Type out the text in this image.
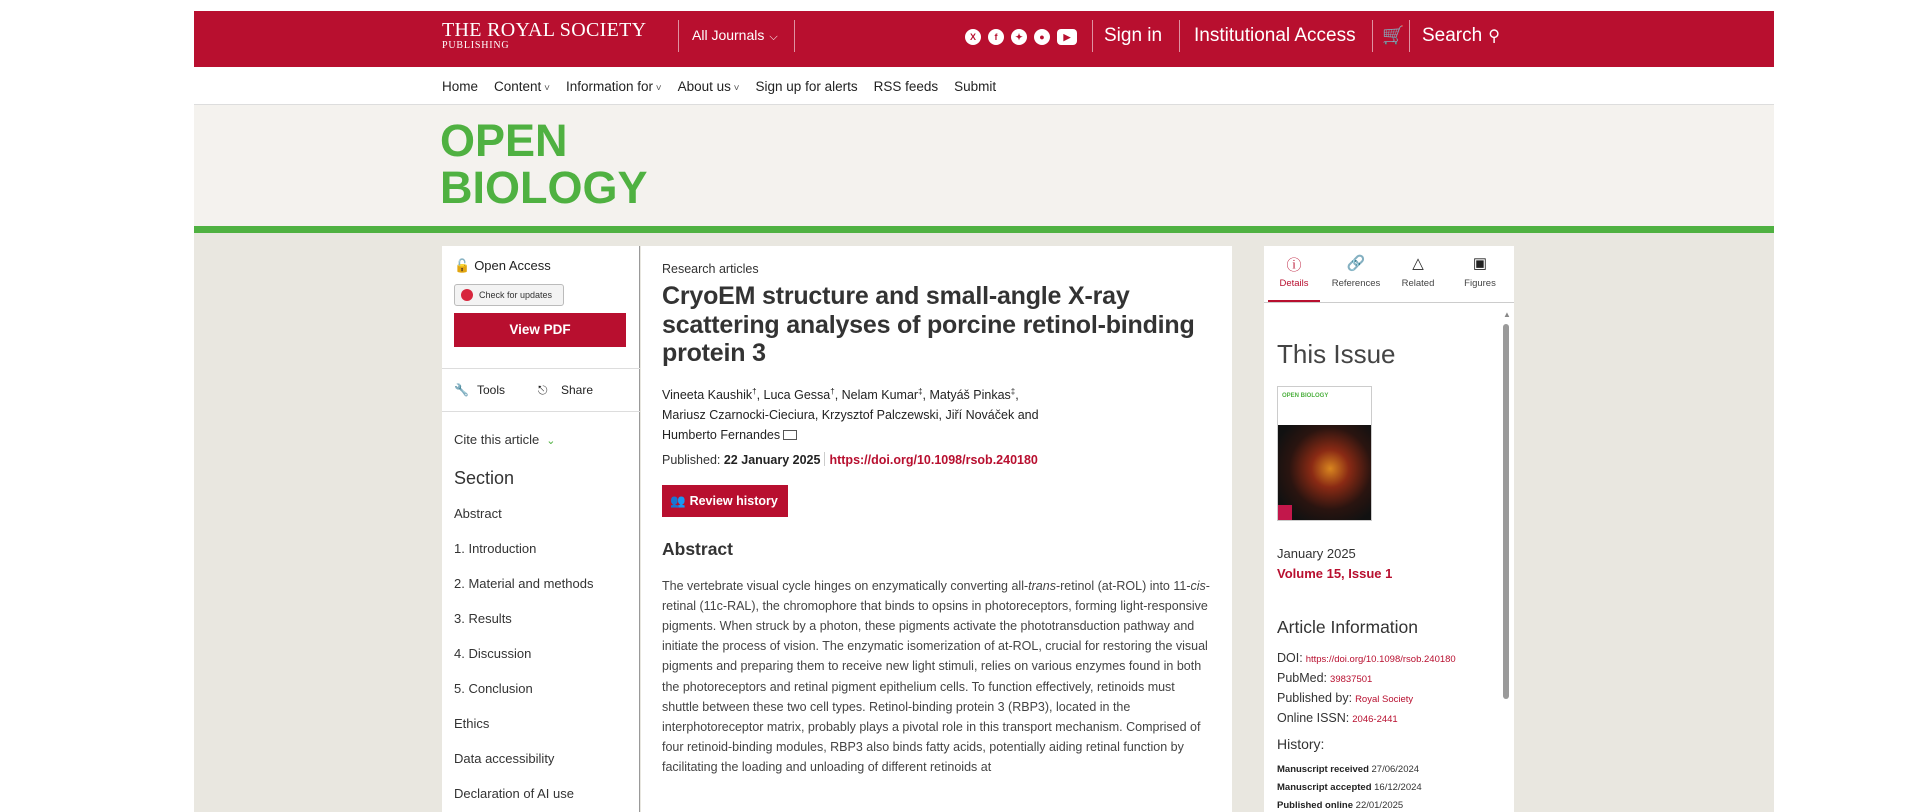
THE ROYAL SOCIETY
PUBLISHING
All Journals ⌵	X	f	✦	●	▶	Sign in Institutional Access 🛒 Search ⚲
Home Content ˅	Information for ˅	About us ˅	Sign up for alerts RSS feeds Submit
OPEN
BIOLOGY
🔓 Open Access
Check for updates
View PDF
🔧 Tools	⎋ Share
Cite this article ⌄
Section
Abstract
1. Introduction
2. Material and methods
3. Results
4. Discussion
5. Conclusion
Ethics
Data accessibility
Declaration of AI use
Research articles
CryoEM structure and small-angle X-ray scattering analyses of porcine retinol-binding protein 3
Vineeta Kaushik†, Luca Gessa†, Nelam Kumar‡, Matyáš Pinkas‡,
Mariusz Czarnocki-Cieciura, Krzysztof Palczewski, Jiří Nováček and
Humberto Fernandes
Published: 22 January 2025 https://doi.org/10.1098/rsob.240180
👥 Review history
Abstract

The vertebrate visual cycle hinges on enzymatically converting all-trans-retinol (at-ROL) into 11-cis-retinal (11c-RAL), the chromophore that binds to opsins in photoreceptors, forming light-responsive pigments. When struck by a photon, these pigments activate the phototransduction pathway and initiate the process of vision. The enzymatic isomerization of at-ROL, crucial for restoring the visual pigments and preparing them to receive new light stimuli, relies on various enzymes found in both the photoreceptors and retinal pigment epithelium cells. To function effectively, retinoids must shuttle between these two cell types. Retinol-binding protein 3 (RBP3), located in the interphotoreceptor matrix, probably plays a pivotal role in this transport mechanism. Comprised of four retinoid-binding modules, RBP3 also binds fatty acids, potentially aiding retinal function by facilitating the loading and unloading of different retinoids at

ⓘ
Details
🔗
References
△
Related
▣
Figures
▲
This Issue
OPEN BIOLOGY
January 2025
Volume 15, Issue 1
Article Information
DOI: https://doi.org/10.1098/rsob.240180
PubMed: 39837501
Published by: Royal Society
Online ISSN: 2046-2441
History:
Manuscript received 27/06/2024
Manuscript accepted 16/12/2024
Published online 22/01/2025
